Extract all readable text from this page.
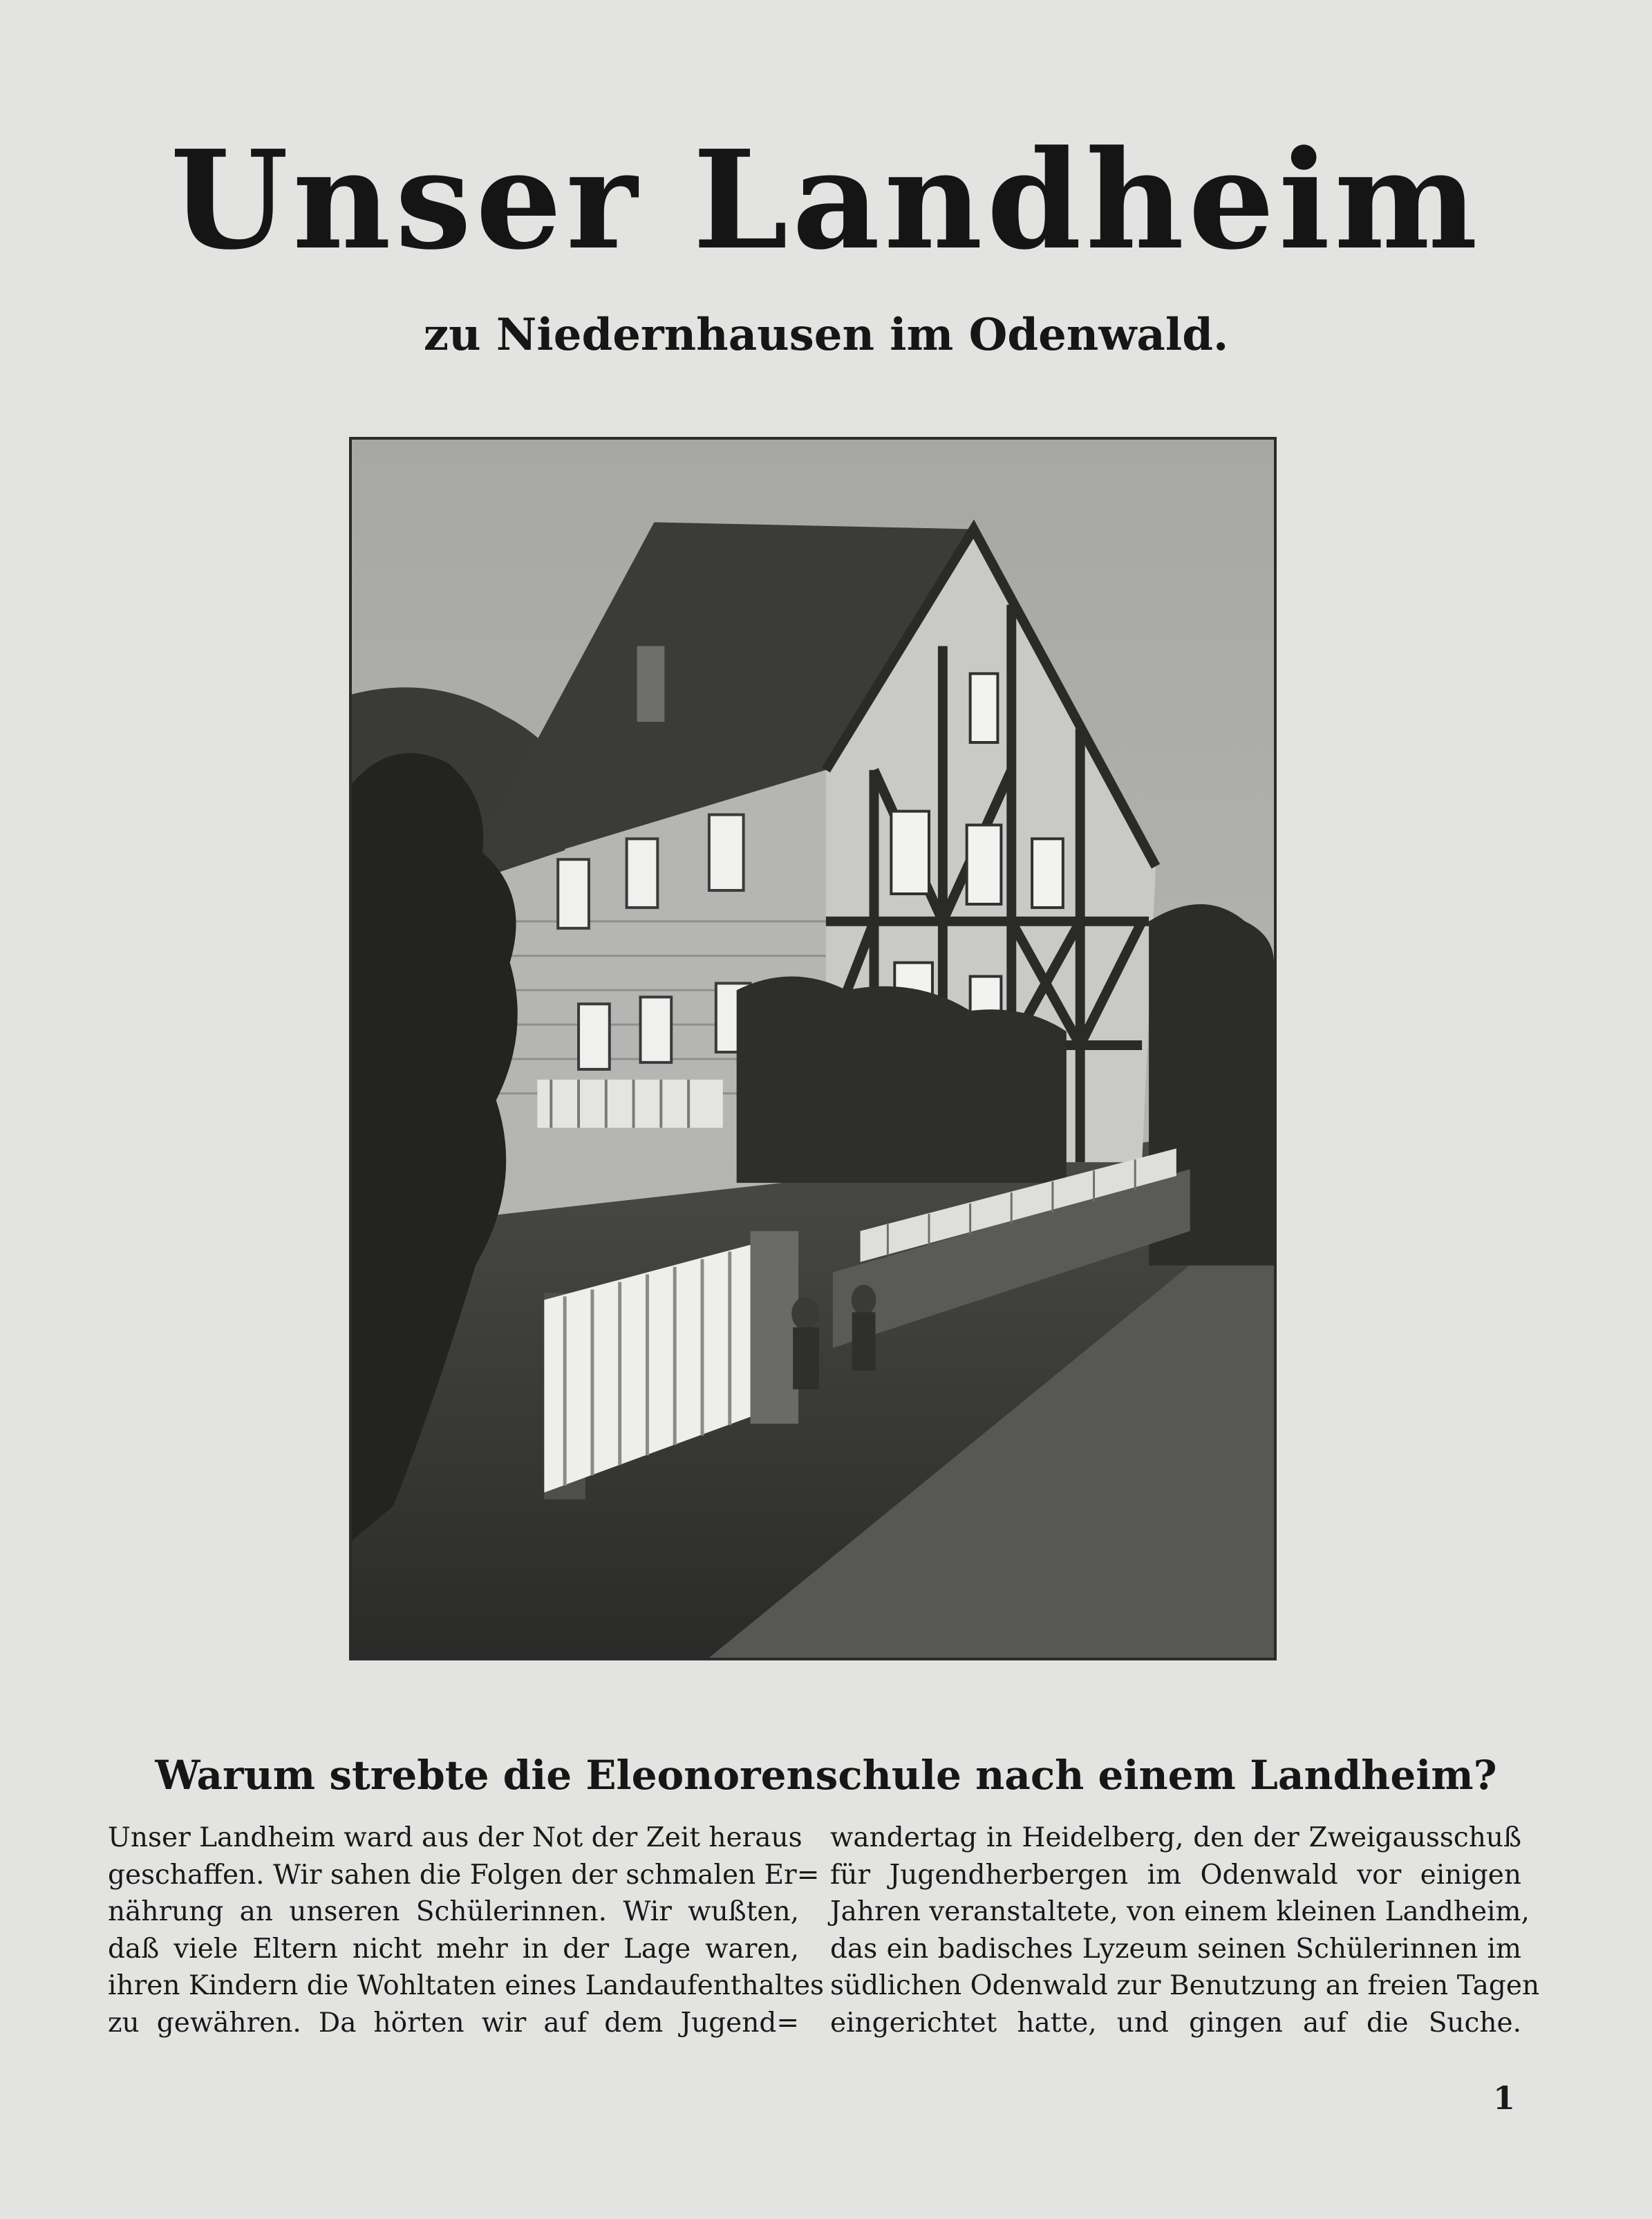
Unser Landheim
zu Niedernhausen im Odenwald.
Warum strebte die Eleonorenschule nach einem Landheim?
Unser Landheim ward aus der Not der Zeit heraus
geschaffen. Wir sahen die Folgen der schmalen Er=
nährung an unseren Schülerinnen. Wir wußten,
daß viele Eltern nicht mehr in der Lage waren,
ihren Kindern die Wohltaten eines Landaufenthaltes
zu gewähren. Da hörten wir auf dem Jugend=
wandertag in Heidelberg, den der Zweigausschuß
für Jugendherbergen im Odenwald vor einigen
Jahren veranstaltete, von einem kleinen Landheim,
das ein badisches Lyzeum seinen Schülerinnen im
südlichen Odenwald zur Benutzung an freien Tagen
eingerichtet hatte, und gingen auf die Suche.
1
